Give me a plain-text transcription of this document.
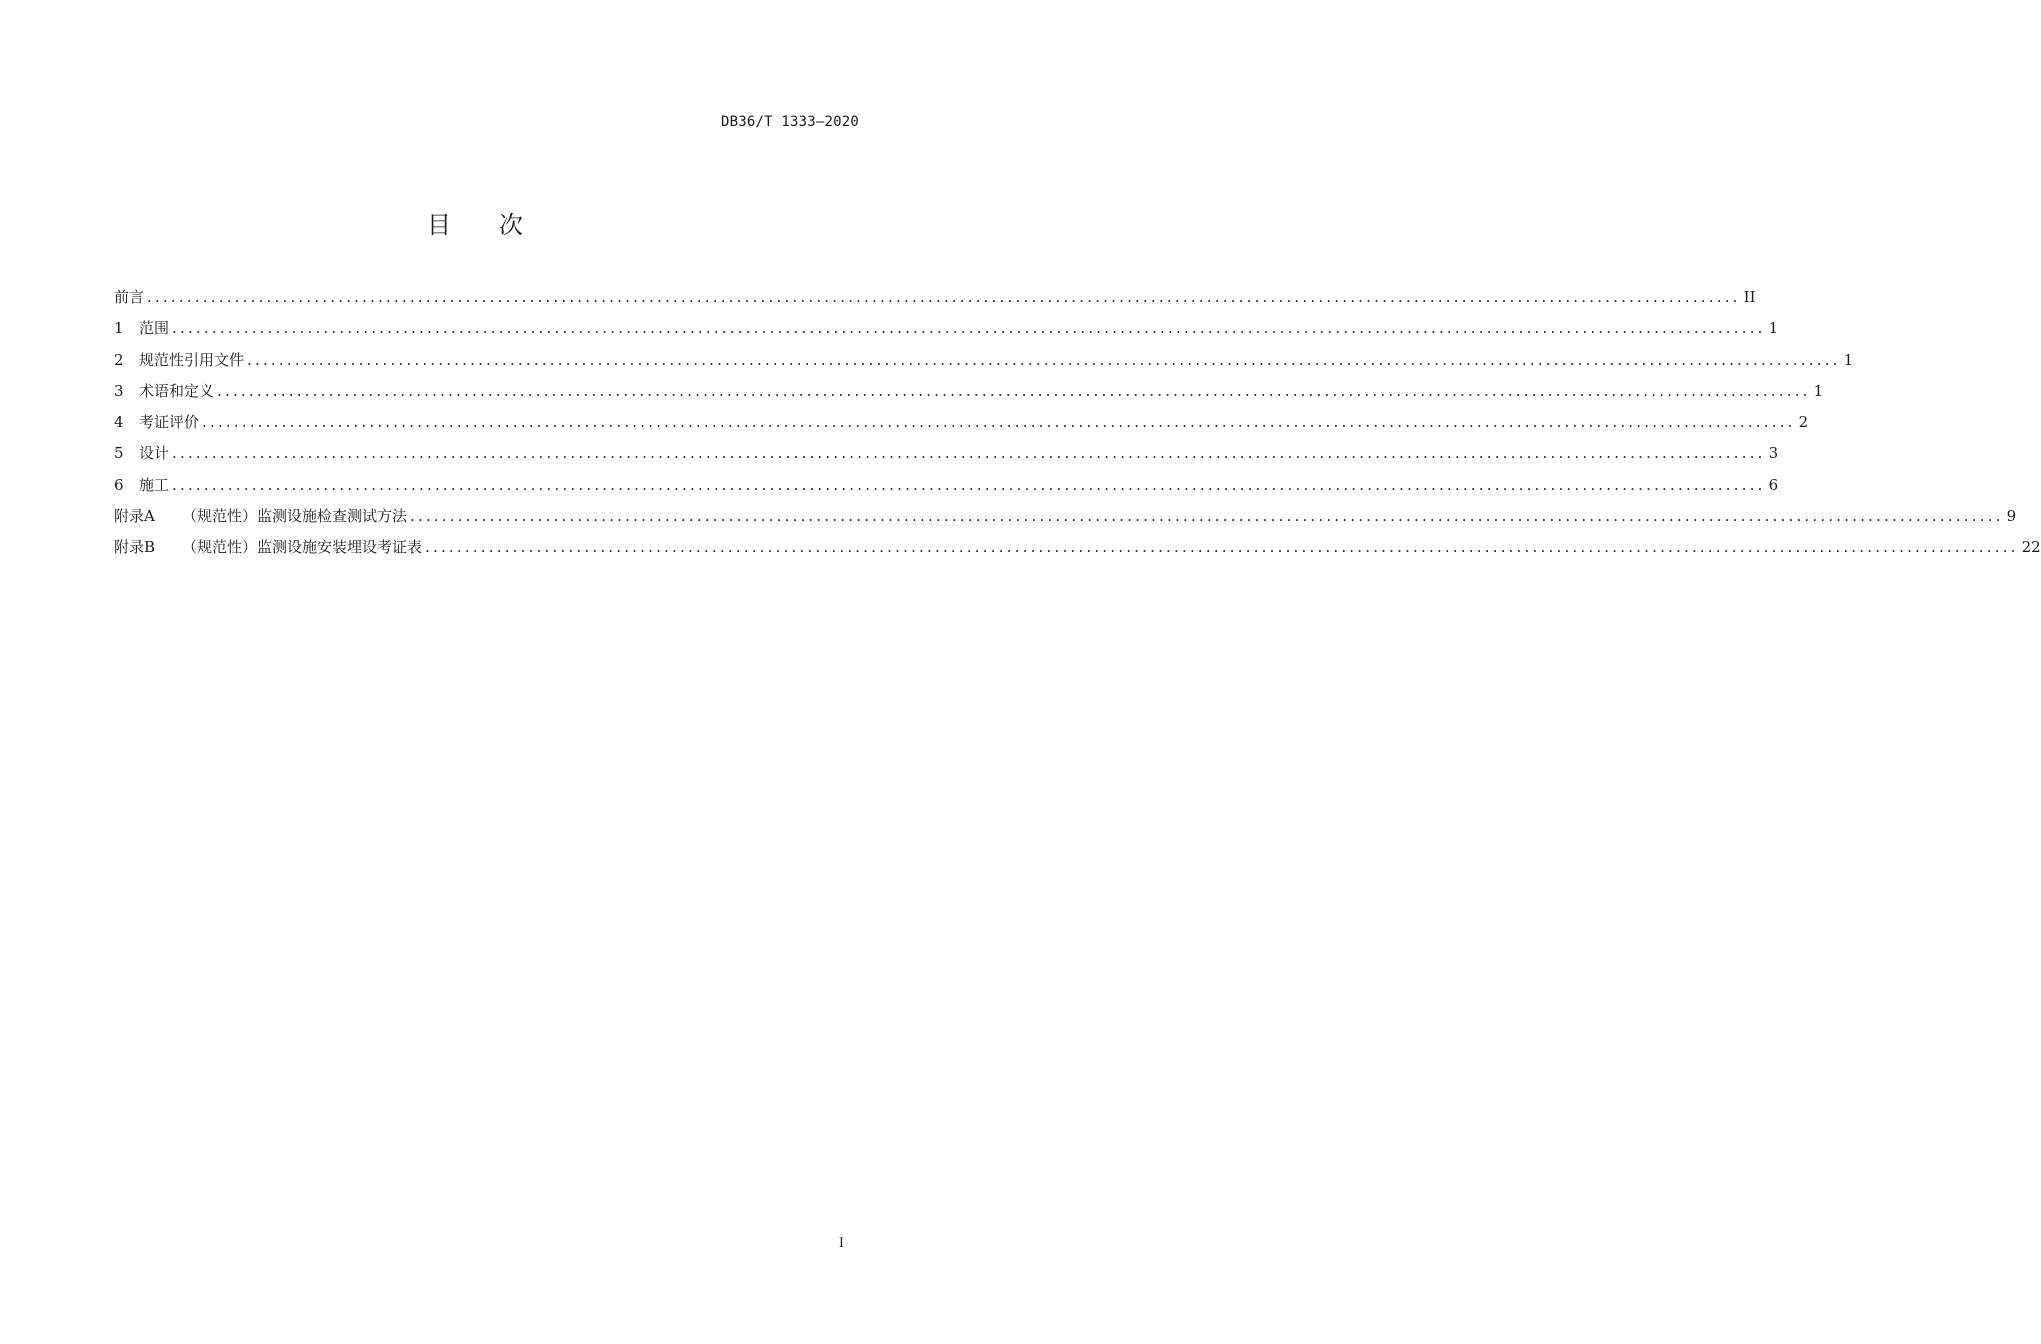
DB36/T 1333—2020
目 次
前言 ........................................................................................................................................................................................................ II
1	范围 ........................................................................................................................................................................................................ 1
2	规范性引用文件 ........................................................................................................................................................................................................ 1
3	术语和定义 ........................................................................................................................................................................................................ 1
4	考证评价 ........................................................................................................................................................................................................ 2
5	设计 ........................................................................................................................................................................................................ 3
6	施工 ........................................................................................................................................................................................................ 6
附录A （规范性）监测设施检查测试方法 ........................................................................................................................................................................................................ 9
附录B （规范性）监测设施安装埋设考证表 ........................................................................................................................................................................................................ 22
I
